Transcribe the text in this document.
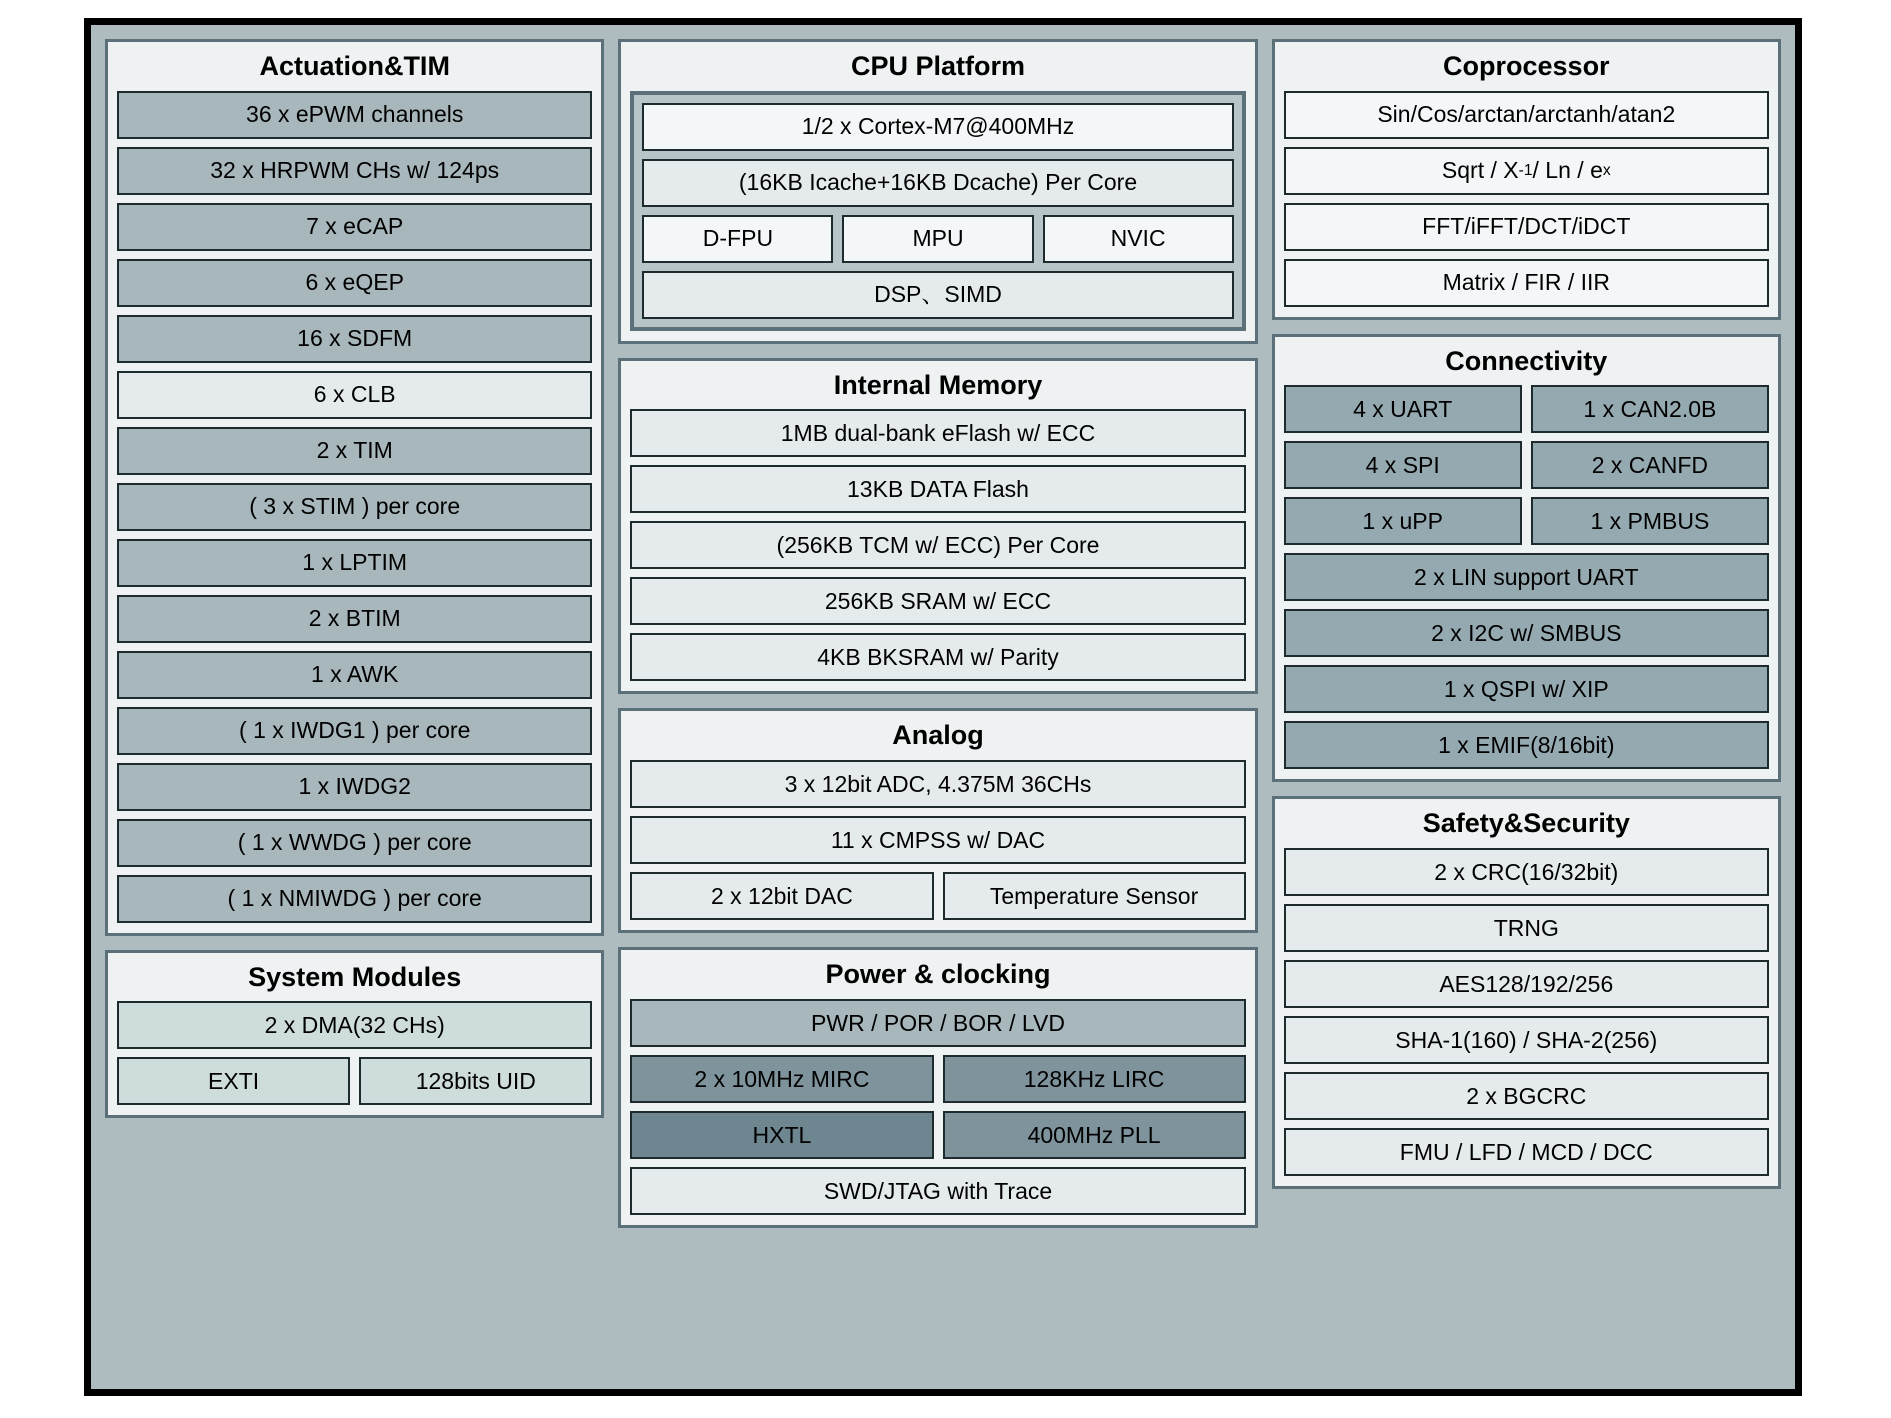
Actuation&TIM
36 x ePWM channels
32 x HRPWM CHs w/ 124ps
7 x eCAP
6 x eQEP
16 x SDFM
6 x CLB
2 x TIM
( 3 x STIM ) per core
1 x LPTIM
2 x BTIM
1 x AWK
( 1 x IWDG1 ) per core
1 x IWDG2
( 1 x WWDG ) per core
( 1 x NMIWDG ) per core
System Modules
2 x DMA(32 CHs)
EXTI	128bits UID
CPU Platform
1/2 x Cortex-M7@400MHz
(16KB Icache+16KB Dcache) Per Core
D-FPU	MPU	NVIC
DSP、SIMD
Internal Memory
1MB dual-bank eFlash w/ ECC
13KB DATA Flash
(256KB TCM w/ ECC) Per Core
256KB SRAM w/ ECC
4KB BKSRAM w/ Parity
Analog
3 x 12bit ADC, 4.375M 36CHs
11 x CMPSS w/ DAC
2 x 12bit DAC	Temperature Sensor
Power & clocking
PWR / POR / BOR / LVD
2 x 10MHz MIRC	128KHz LIRC
HXTL	400MHz PLL
SWD/JTAG with Trace
Coprocessor
Sin/Cos/arctan/arctanh/atan2
Sqrt / X -1 / Ln / e x
FFT/iFFT/DCT/iDCT
Matrix / FIR / IIR
Connectivity
4 x UART	1 x CAN2.0B
4 x SPI	2 x CANFD
1 x uPP	1 x PMBUS
2 x LIN support UART
2 x I2C w/ SMBUS
1 x QSPI w/ XIP
1 x EMIF(8/16bit)
Safety&Security
2 x CRC(16/32bit)
TRNG
AES128/192/256
SHA-1(160) / SHA-2(256)
2 x BGCRC
FMU / LFD / MCD / DCC
